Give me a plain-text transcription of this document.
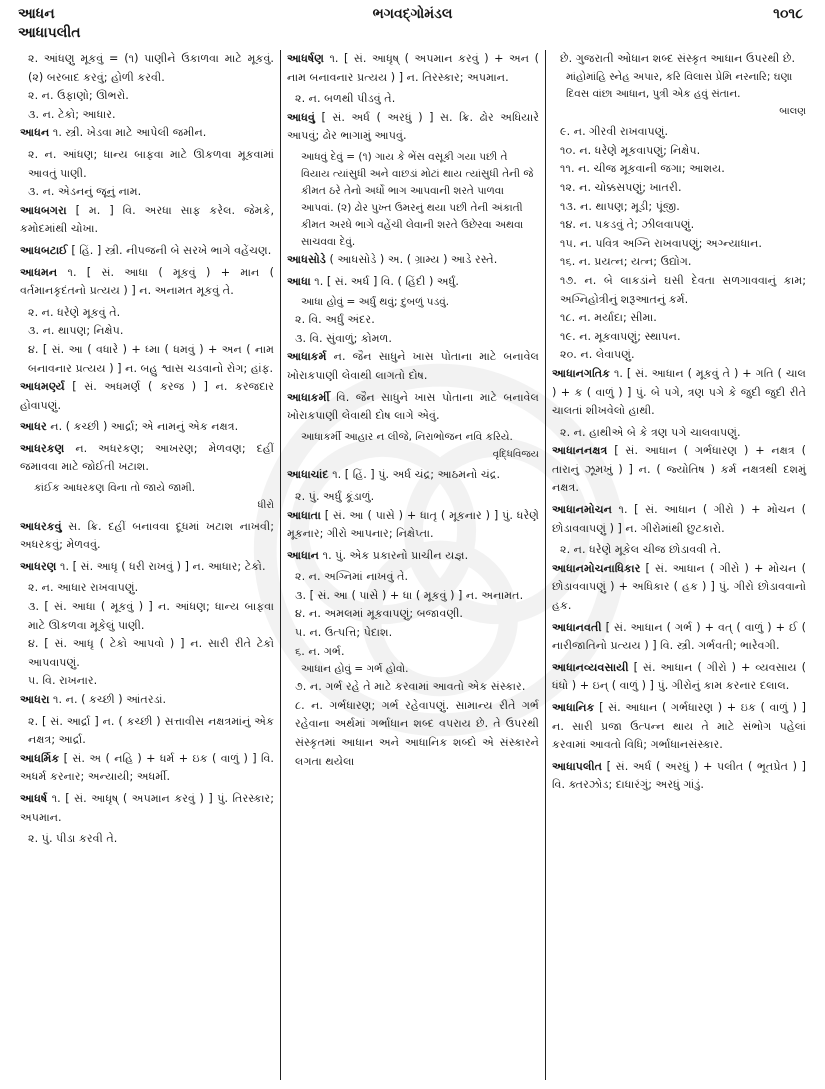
આધન
આધાપલીત
ભગવદ્ગોમંડલ	૧૦૧૮

૨. આંધણુ મૂકવું = (૧) પાણીને ઉકાળવા માટે મૂકવું. (૨) બરબાદ કરવું; હોળી કરવી.

૨. ન. ઉફાણો; ઊભરો.

૩. ન. ટેકો; આધાર.

આધન ૧. સ્ત્રી. ખેડવા માટે આપેલી જમીન.

૨. ન. આંધણ; ધાન્ય બાફવા માટે ઊકળવા મૂકવામાં આવતું પાણી.

૩. ન. એડનનું જૂનું નામ.

આધબગરા [ મ. ] વિ. અરધા સાફ કરેલ. જેમકે, કમોદમાંથી ચોખા.

આધબટાઈ [ હિં. ] સ્ત્રી. નીપજની બે સરખે ભાગે વહેંચણ.

આધમન ૧. [ સં. આધા ( મૂકવું ) + માન ( વર્તમાનકૃદંતનો પ્રત્યય ) ] ન. અનામત મૂકવું તે.

૨. ન. ધરેણે મૂકવું તે.

૩. ન. થાપણ; નિક્ષેપ.

૪. [ સં. આ ( વધારે ) + ધ્મા ( ધમવું ) + અન ( નામ બનાવનાર પ્રત્યય ) ] ન. બહુ શ્વાસ ચડવાનો રોગ; હાંફ.

આધમર્ણ્ય [ સં. અધમર્ણ ( કરજ ) ] ન. કરજદાર હોવાપણું.

આધર ન. ( કચ્છી ) આર્દ્રા; એ નામનું એક નક્ષત્ર.

આધરકણ ન. અધરકણ; આખરણ; મેળવણ; દહીં જમાવવા માટે જોઈતી ખટાશ.

કાંઈક આધરકણ વિના તો જાયે જામી.

ધીરો

આધરકવું સ. ક્રિ. દહીં બનાવવા દૂધમાં ખટાશ નાખવી; અધરકવું; મેળવવું.

આધરણ ૧. [ સં. આધૃ ( ધરી રાખવું ) ] ન. આધાર; ટેકો.

૨. ન. આધાર રાખવાપણું.

૩. [ સં. આધા ( મૂકવું ) ] ન. આંધણ; ધાન્ય બાફવા માટે ઊકળવા મૂકેલું પાણી.

૪. [ સં. આધૃ ( ટેકો આપવો ) ] ન. સારી રીતે ટેકો આપવાપણું.

૫. વિ. રાખનાર.

આધરા ૧. ન. ( કચ્છી ) આંતરડાં.

૨. [ સં. આર્દ્રા ] ન. ( કચ્છી ) સત્તાવીસ નક્ષત્રમાંનું એક નક્ષત્ર; આર્દ્રા.

આધર્મિક [ સં. અ ( નહિ ) + ધર્મ + ઇક ( વાળું ) ] વિ. અધર્મ કરનાર; અન્યાયી; અધર્મી.

આધર્ષ ૧. [ સં. આધૃષ્ ( અપમાન કરવું ) ] પું. તિરસ્કાર; અપમાન.

૨. પું. પીડા કરવી તે.

આધર્ષણ ૧. [ સં. આધૃષ્ ( અપમાન કરવું ) + અન ( નામ બનાવનાર પ્રત્યય ) ] ન. તિરસ્કાર; અપમાન.

૨. ન. બળથી પીડવું તે.

આધવું [ સં. અર્ધ ( અરધું ) ] સ. ક્રિ. ઢોર અધિયારે આપવું; ઢોર ભાગામું આપવું.

આધવું દેવું = (૧) ગાય કે ભેંસ વસૂકી ગયા પછી તે વિયાય ત્યાંસુધી અને વાછડાં મોટાં થાય ત્યાંસુધી તેની જે કીમત ઠરે તેનો અર્ધો ભાગ આપવાની શરતે પાળવા આપવાં. (૨) ઢોર પુખ્ત ઉમરનું થયા પછી તેની અંકાતી કીમત અરધે ભાગે વહેંચી લેવાની શરતે ઉછેરવા અથવા સાચવવા દેવું.

આધસોડે ( આધસોડે ) અ. ( ગ્રામ્ય ) આડે રસ્તે.

આધા ૧. [ સં. અર્ધ ] વિ. ( હિંદી ) અર્ધું.

આધા હોવું = અર્ધું થવું; દુબળું પડવું.

૨. વિ. અર્ધું અંદર.

૩. વિ. સુંવાળું; કોમળ.

આધાકર્મ ન. જૈન સાધુને ખાસ પોતાના માટે બનાવેલ ખોરાકપાણી લેવાથી લાગતો દોષ.

આધાકર્મી વિ. જૈન સાધુને ખાસ પોતાના માટે બનાવેલ ખોરાકપાણી લેવાથી દોષ લાગે એવું.

આધાકર્મી આહાર ન લીજે, નિરાભોજન નવિ કરિયે.

વૃદ્ધિવિજય

આધાચાંદ ૧. [ હિં. ] પું. અર્ધ ચંદ્ર; આઠમનો ચંદ્ર.

૨. પું. અર્ધું કૂંડાળું.

આધાતા [ સં. આ ( પાસે ) + ધાતૃ ( મૂકનાર ) ] પું. ધરેણે મૂકનાર; ગીરો આપનાર; નિક્ષેપ્તા.

આધાન ૧. પું. એક પ્રકારનો પ્રાચીન યજ્ઞ.

૨. ન. અગ્નિમાં નાખવું તે.

૩. [ સં. આ ( પાસે ) + ધા ( મૂકવું ) ] ન. અનામત.

૪. ન. અમલમાં મૂકવાપણું; બજાવણી.

૫. ન. ઉત્પત્તિ; પેદાશ.

૬. ન. ગર્ભ.

આધાન હોવું = ગર્ભ હોવો.

૭. ન. ગર્ભ રહે તે માટે કરવામાં આવતો એક સંસ્કાર.

૮. ન. ગર્ભધારણ; ગર્ભ રહેવાપણું. સામાન્ય રીતે ગર્ભ રહેવાના અર્થમાં ગર્ભાધાન શબ્દ વપરાય છે. તે ઉપરથી સંસ્કૃતમાં આધાન અને આધાનિક શબ્દો એ સંસ્કારને લગતા થયેલા

છે. ગુજરાતી ઓધાન શબ્દ સંસ્કૃત આધાન ઉપરથી છે.

માંહોમાંહિ સ્નેહ અપાર, કરિ વિલાસ પ્રેમિ નરનારિ; ઘણા દિવસ વાંછા આધાન, પુત્રી એક હવું સંતાન.

બાલણ

૯. ન. ગીરવી રાખવાપણું.

૧૦. ન. ધરેણે મૂકવાપણું; નિક્ષેપ.

૧૧. ન. ચીજ મૂકવાની જગા; આશય.

૧૨. ન. ચોક્કસપણું; ખાતરી.

૧૩. ન. થાપણ; મૂડી; પૂંજી.

૧૪. ન. પકડવું તે; ઝીલવાપણું.

૧૫. ન. પવિત્ર અગ્નિ રાખવાપણું; અગ્ન્યાધાન.

૧૬. ન. પ્રયત્ન; યત્ન; ઉદ્યોગ.

૧૭. ન. બે લાકડાંને ઘસી દેવતા સળગાવવાનું કામ; અગ્નિહોત્રીનું શરૂઆતનું કર્મ.

૧૮. ન. મર્યાદા; સીમા.

૧૯. ન. મૂકવાપણું; સ્થાપન.

૨૦. ન. લેવાપણું.

આધાનગતિક ૧. [ સં. આધાન ( મૂકવું તે ) + ગતિ ( ચાલ ) + ક ( વાળું ) ] પું. બે પગે, ત્રણ પગે કે જુદી જુદી રીતે ચાલતાં શીખવેલો હાથી.

૨. ન. હાથીએ બે કે ત્રણ પગે ચાલવાપણું.

આધાનનક્ષત્ર [ સં. આધાન ( ગર્ભધારણ ) + નક્ષત્ર ( તારાનું ઝૂમખું ) ] ન. ( જ્યોતિષ ) કર્મ નક્ષત્રથી દશમું નક્ષત્ર.

આધાનમોચન ૧. [ સં. આધાન ( ગીરો ) + મોચન ( છોડાવવાપણું ) ] ન. ગીરોમાંથી છુટકારો.

૨. ન. ધરેણે મૂકેલ ચીજ છોડાવવી તે.

આધાનમોચનાધિકાર [ સં. આધાન ( ગીરો ) + મોચન ( છોડાવવાપણું ) + અધિકાર ( હક ) ] પું. ગીરો છોડાવવાનો હક.

આધાનવતી [ સં. આધાન ( ગર્ભ ) + વત્ ( વાળું ) + ઈ ( નારીજાતિનો પ્રત્યય ) ] વિ. સ્ત્રી. ગર્ભવતી; ભારેવગી.

આધાનવ્યવસાયી [ સં. આધાન ( ગીરો ) + વ્યવસાય ( ધંધો ) + ઇન્ ( વાળું ) ] પું. ગીરોનું કામ કરનાર દલાલ.

આધાનિક [ સં. આધાન ( ગર્ભધારણ ) + ઇક ( વાળું ) ] ન. સારી પ્રજા ઉત્પન્ન થાય તે માટે સંભોગ પહેલાં કરવામાં આવતો વિધિ; ગર્ભાધાનસંસ્કાર.

આધાપલીત [ સં. અર્ધ ( અરધું ) + પલીત ( ભૂતપ્રેત ) ] વિ. ક્તરઝોડ; દાધારંગું; અરધું ગાંડું.
